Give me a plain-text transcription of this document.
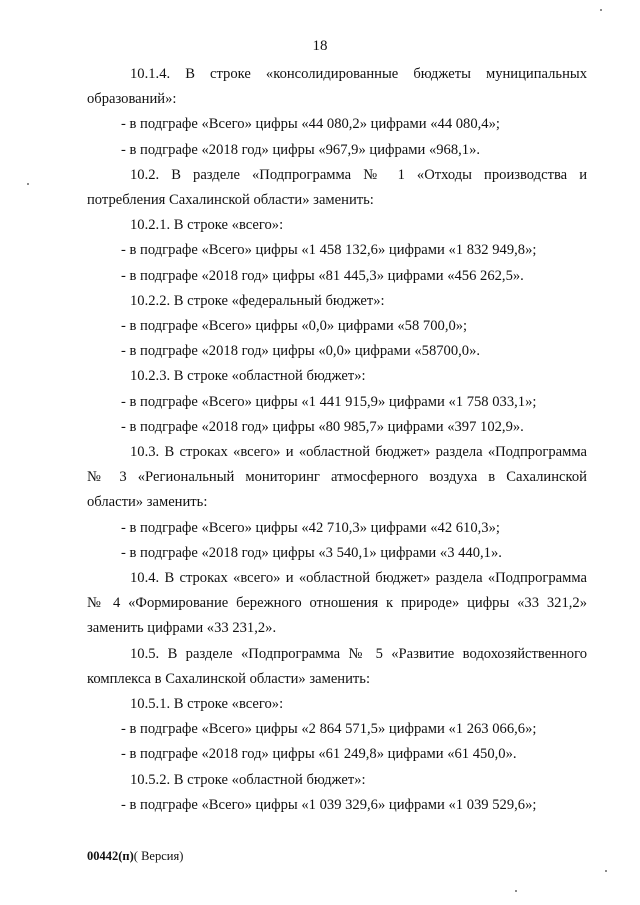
18

10.1.4. В строке «консолидированные бюджеты муниципальных образований»:

- в подграфе «Всего» цифры «44 080,2» цифрами «44 080,4»;

- в подграфе «2018 год» цифры «967,9» цифрами «968,1».

10.2. В разделе «Подпрограмма № 1 «Отходы производства и потребления Сахалинской области» заменить:

10.2.1. В строке «всего»:

- в подграфе «Всего» цифры «1 458 132,6» цифрами «1 832 949,8»;

- в подграфе «2018 год» цифры «81 445,3» цифрами «456 262,5».

10.2.2. В строке «федеральный бюджет»:

- в подграфе «Всего» цифры «0,0» цифрами «58 700,0»;

- в подграфе «2018 год» цифры «0,0» цифрами «58700,0».

10.2.3. В строке «областной бюджет»:

- в подграфе «Всего» цифры «1 441 915,9» цифрами «1 758 033,1»;

- в подграфе «2018 год» цифры «80 985,7» цифрами «397 102,9».

10.3. В строках «всего» и «областной бюджет» раздела «Подпрограмма № 3 «Региональный мониторинг атмосферного воздуха в Сахалинской области» заменить:

- в подграфе «Всего» цифры «42 710,3» цифрами «42 610,3»;

- в подграфе «2018 год» цифры «3 540,1» цифрами «3 440,1».

10.4. В строках «всего» и «областной бюджет» раздела «Подпрограмма № 4 «Формирование бережного отношения к природе» цифры «33 321,2» заменить цифрами «33 231,2».

10.5. В разделе «Подпрограмма № 5 «Развитие водохозяйственного комплекса в Сахалинской области» заменить:

10.5.1. В строке «всего»:

- в подграфе «Всего» цифры «2 864 571,5» цифрами «1 263 066,6»;

- в подграфе «2018 год» цифры «61 249,8» цифрами «61 450,0».

10.5.2. В строке «областной бюджет»:

- в подграфе «Всего» цифры «1 039 329,6» цифрами «1 039 529,6»;

00442(п)( Версия)
